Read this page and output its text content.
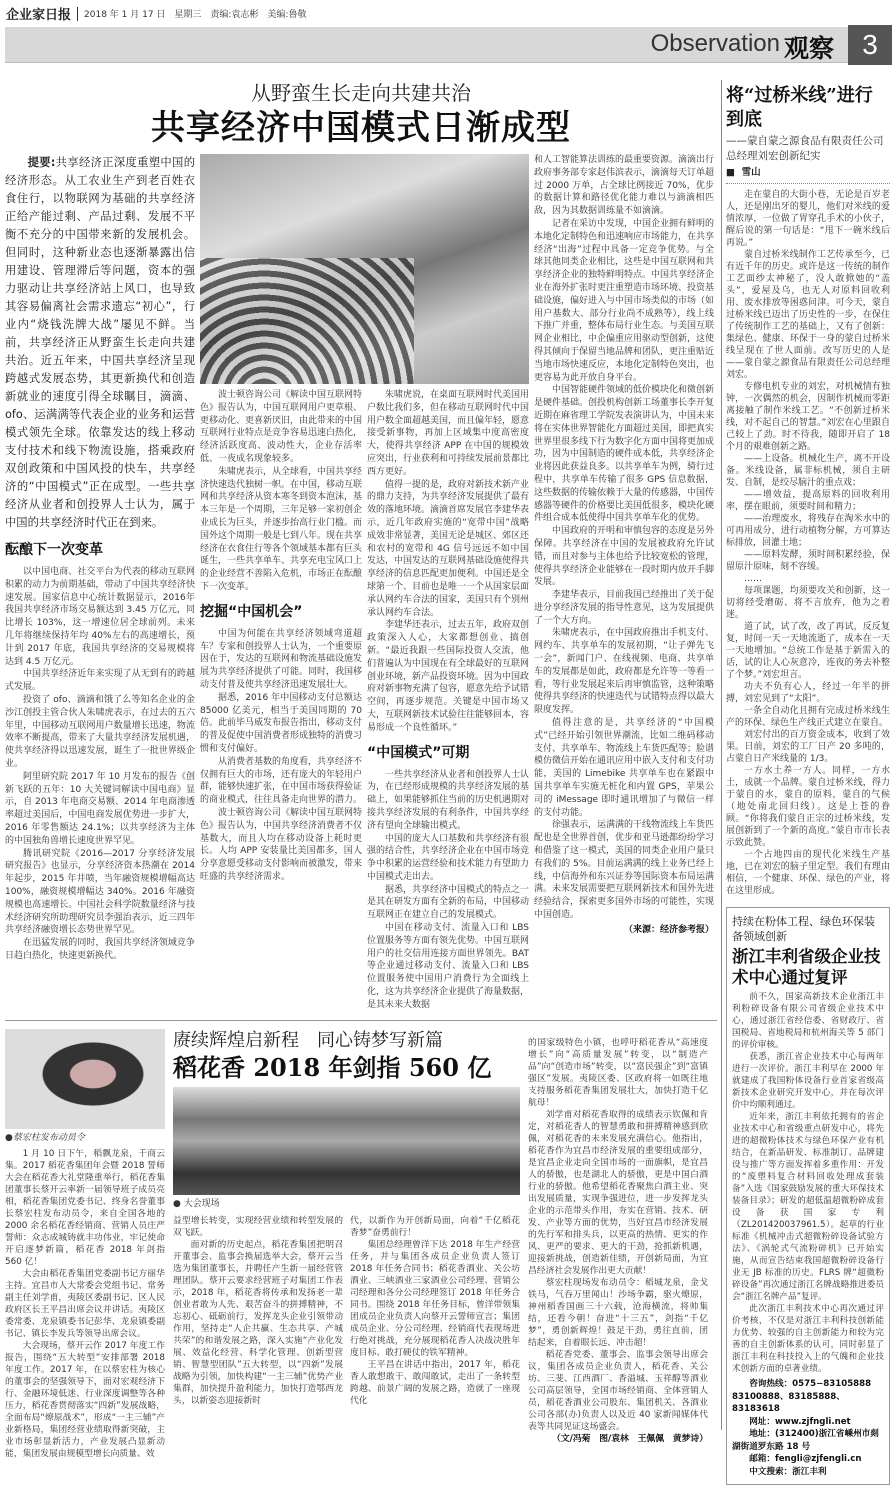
企业家日报 2018 年 1 月 17 日　星期三　责编:袁志彬　美编:鲁敬
Observation 观察	3
从野蛮生长走向共建共治
共享经济中国模式日渐成型

提要:共享经济正深度重塑中国的经济形态。从工农业生产到老百姓衣食住行，以物联网为基础的共享经济正给产能过剩、产品过剩、发展不平衡不充分的中国带来新的发展机会。但同时，这种新业态也逐渐暴露出信用建设、管理滞后等问题，资本的强力驱动让共享经济站上风口，也导致其容易偏离社会需求遗忘“初心”，行业内“烧钱洗牌大战”屡见不鲜。当前，共享经济正从野蛮生长走向共建共治。近五年来，中国共享经济呈现跨越式发展态势，其更新换代和创造新就业的速度引得全球瞩目，滴滴、ofo、运满满等代表企业的业务和运营模式领先全球。依靠发达的线上移动支付技术和线下物流设施，搭乘政府双创政策和中国风投的快车，共享经济的“中国模式”正在成型。一些共享经济从业者和创投界人士认为，属于中国的共享经济时代正在到来。

酝酿下一次变革

以中国电商、社交平台为代表的移动互联网积累的动力为前期基础，带动了中国共享经济快速发展。国家信息中心统计数据显示，2016年我国共享经济市场交易额达到 3.45 万亿元，同比增长 103%，这一增速位居全球前列。未来几年将继续保持年均 40%左右的高速增长，预计到 2017 年底，我国共享经济的交易规模将达到 4.5 万亿元。

中国共享经济近年来实现了从无到有的跨越式发展。

投资了 ofo、滴滴和饿了么等知名企业的金沙江创投主管合伙人朱啸虎表示，在过去的五六年里，中国移动互联网用户数量增长迅速，物流效率不断提高，带来了大量共享经济发展机遇，使共享经济得以迅速发展，诞生了一批世界级企业。

阿里研究院 2017 年 10 月发布的报告《创新飞跃的五年：10 大关键词解读中国电商》显示，自 2013 年电商交易额、2014 年电商渗透率超过美国后，中国电商发展优势进一步扩大，2016 年零售额达 24.1%；以共享经济为主体的中国独角兽增长速度世界罕见。

腾讯研究院《2016—2017 分享经济发展研究报告》也显示，分享经济资本热潮在 2014 年起步，2015 年井喷，当年融资规模增幅高达 100%，融资规模增幅达 340%。2016 年融资规模也高速增长。中国社会科学院数量经济与技术经济研究所助理研究员李强治表示，近三四年共享经济融资增长态势世界罕见。

在迅猛发展的同时，我国共享经济领域竞争日趋白热化，快速更新换代。

波士顿咨询公司《解读中国互联网特色》报告认为，中国互联网用户更草根、更移动化、更喜新厌旧，由此带来的中国互联网行业特点是竞争容易迅速白热化，经济活跃度高、波动性大，企业存活率低、一夜成名现象较多。

朱啸虎表示，从全球看，中国共享经济快速迭代独树一帜。在中国，移动互联网和共享经济从资本寒冬到资本泡沫，基本三年是一个周期，三年足够一家初创企业成长为巨头，并逐步抬高行业门槛。而国外这个周期一般是七到八年。现在共享经济在衣食住行等各个领域基本都有巨头诞生，一些共享单车、共享充电宝风口上的企业经营不善陷入危机，市场正在酝酿下一次变革。

挖掘“中国机会”

中国为何能在共享经济领域弯道超车？专家和创投界人士认为，一个重要原因在于，发达的互联网和物流基础设施发展为共享经济提供了可能。同时，我国移动支付普及使共享经济迅速发展壮大。

据悉，2016 年中国移动支付总额达 85000 亿美元，相当于美国同期的 70 倍。此前毕马威发布报告指出，移动支付的普及促使中国消费者形成独特的消费习惯和支付偏好。

从消费者基数的角度看，共享经济不仅拥有巨大的市场，还有庞大的年轻用户群，能够快速扩张，在中国市场获得验证的商业模式，往往具备走向世界的潜力。

波士顿咨询公司《解读中国互联网特色》报告认为，中国共享经济消费者不仅基数大，而且人均在移动设备上耗时更长。人均 APP 安装量比美国都多，国人分享意愿受移动支付影响而被激发，带来旺盛的共享经济需求。

朱啸虎说，在桌面互联网时代美国用户数比我们多，但在移动互联网时代中国用户数全面超越美国，而且偏年轻，愿意接受新事物，再加上区域集中度高密度大，使得共享经济 APP 在中国的规模效应突出，行业获利和可持续发展前景都比西方更好。

值得一提的是，政府对新技术新产业的鼎力支持，为共享经济发展提供了最有效的落地环境。滴滴首席发展官李建华表示，近几年政府实施的“宽带中国”战略成效非常显著，美国无论是城区、郊区还和农村的宽带和 4G 信号远远不如中国发达，中国发达的互联网基础设施使得共享经济的信息匹配更加便利。中国还是全球第一个、目前也是唯一一个从国家层面承认网约车合法的国家，美国只有个别州承认网约车合法。

李建华还表示，过去五年，政府双创政策深入人心，大家都想创业、搞创新。“最近我跟一些国际投资人交流，他们普遍认为中国现在有全球最好的互联网创业环境，新产品投资环境。因为中国政府对新事物充满了包容，愿意先给予试错空间，再逐步规范。关键是中国市场又大，互联网新技术试验往往能够回本，容易形成一个良性循环。”

“中国模式”可期

一些共享经济从业者和创投界人士认为，在已经形成规模的共享经济发展的基础上，如果能够抓住当前的历史机遇期对接共享经济发展的有利条件，中国共享经济有望向全球输出模式。

中国的庞大人口基数和共享经济有很强的结合性，共享经济企业在中国市场竞争中积累的运营经验和技术能力有望助力中国模式走出去。

据悉，共享经济中国模式的特点之一是其在研发方面有全新的布局，中国移动互联网正在建立自己的发展模式。

中国在移动支付、流量入口和 LBS 位置服务等方面有领先优势。中国互联网用户的社交信用连接方面世界领先。BAT 等企业通过移动支付、流量入口和 LBS 位置服务使中国用户消费行为全面线上化，这为共享经济企业提供了海量数据，是其未来大数据

和人工智能算法训练的最重要资源。滴滴出行政府事务部专家赵伟滨表示，滴滴每天订单超过 2000 万单，占全球比例接近 70%，优步的数据计算和路径优化能力难以与滴滴相匹敌，因为其数据训练量不如滴滴。

记者在采访中发现，中国企业拥有鲜明的本地化定制特色和迅速响应市场能力，在共享经济“出海”过程中具备一定竞争优势。与全球其他同类企业相比，这些是中国互联网和共享经济企业的独特鲜明特点。中国共享经济企业在海外扩张时更注重塑造市场环境、投资基础设施，偏好进入与中国市场类似的市场（如用户基数大、部分行业尚不成熟等），线上线下推广并重，整体布局行业生态。与美国互联网企业相比，中企偏重应用驱动型创新，这使得其倾向于保留当地品牌和团队，更注重贴近当地市场快速反应，本地化定制特色突出，也更容易为此开放自身平台。

中国智能硬件领域的低价模块化和微创新是硬件基础。创投机构创新工场董事长李开复近期在麻省理工学院发表演讲认为，中国未来将在实体世界智能化方面超过美国，即把真实世界里很多线下行为数字化方面中国将更加成功，因为中国制造的硬件成本低，共享经济企业将因此获益良多。以共享单车为例，骑行过程中，共享单车传输了很多 GPS 信息数据，这些数据的传输依赖于大量的传感器，中国传感器等硬件的价格要比美国低很多，模块化硬件组合成本低使得中国共享单车化的优势。

中国政府的开明和审慎包容的态度是另外保障。共享经济在中国的发展被政府允许试错，而且对参与主体也给予比较宽松的管理，使得共享经济企业能够在一段时期内放开手脚发展。

李建华表示，目前我国已经推出了关于促进分享经济发展的指导性意见，这为发展提供了一个大方向。

朱啸虎表示，在中国政府推出手机支付、网约车、共享单车的发展初期，“让子弹先飞一会”，新闻门户、在线视频、电商、共享单车的发展都是如此，政府都是允许等一等看一看，等行业发展起来后再审慎监管，这种策略使得共享经济的快速迭代与试错特点得以最大限度发挥。

值得注意的是，共享经济的“中国模式”已经开始引领世界潮流，比如二维码移动支付、共享单车、物流线上车货匹配等；脸谱模仿微信开始在通讯应用中嵌入支付和支付功能，美国的 Limebike 共享单车也在紧跟中国共享单车实施无桩化和内置 GPS，苹果公司的 iMessage 即时通讯增加了与微信一样的支付功能。

徐强表示，运满满的干线物流线上车货匹配也是全世界首创，优步和亚马逊都纷纷学习和借鉴了这一模式，美国的同类企业用户量只有我们的 5%。目前运满满的线上业务已经上线，中信海外和东兴证券等国际资本布局运满满。未来发展需要把互联网新技术和国外先进经验结合，探索更多国外市场的可能性，实现中国创造。

（来源：经济参考报）
●蔡宏柱发布动员令

1 月 10 日下午，稻飘龙泉，千商云集。2017 稻花香集团年会暨 2018 誓师大会在稻花香大礼堂隆重举行，稻花香集团董事长蔡开云率新一届领导班子成员亮相，稻花香集团党委书记、终身名誉董事长蔡宏柱发布动员令，来自全国各地的 2000 余名稻花香经销商、营销人员庄严誓师：众志成城铸就丰功伟业，牢记使命开启逐梦新篇，稻花香 2018 年剑指 560 亿！

大会由稻花香集团党委副书记方丽华主持。宜昌市人大常委会党组书记、常务副主任刘学甫，夷陵区委副书记、区人民政府区长王平昌出席会议并讲话。夷陵区委常委、龙泉镇委书记彭华、龙泉镇委副书记、镇长李发兵等领导出席会议。

大会现场，蔡开云作 2017 年度工作报告，围绕“五大转型”安排部署 2018 年度工作。2017 年，在以蔡宏柱为核心的董事会的坚强领导下，面对宏观经济下行、金融环境低迷、行业深度调整等各种压力，稻花香贯彻落实“四新”发展战略，全面布局“燎原战术”，形成“一主三辅”产业新格局，集团经营业绩取得新突破，主业市场彰显新活力，产业发展凸显新动能，集团发展由规模型增长向质量、效

赓续辉煌启新程　同心铸梦写新篇
稻花香 2018 年剑指 560 亿
● 大会现场

益型增长转变，实现经营业绩和转型发展的双飞跃。

面对新的历史起点，稻花香集团把明召开董事会、监事会换届选举大会，蔡开云当选为集团董事长，并聘任产生新一届经营管理团队。蔡开云要求经营班子对集团工作表示，2018 年，稻花香将传承和发扬老一辈创业者敢为人先、艰苦奋斗的拼搏精神，不忘初心、砥砺前行，发挥龙头企业引领带动作用，坚持走“人企共赢、生态共享、产城共荣”的和谐发展之路，深入实施“产业化发展、效益化经营、科学化管理、创新型营销、智慧型团队”五大转型，以“四新”发展战略为引领，加快构建“一主三辅”优势产业集群，加快提升盈利能力，加快打造鄂西龙头，以新姿态迎接新时

代，以新作为开创新局面，向着“千亿稻花香梦”奋勇前行！

集团总经理曾洋下达 2018 年生产经营任务，并与集团各成员企业负责人签订 2018 年任务合同书；稻花香酒业、关公坊酒业、三峡酒业三家酒业公司经理、营销公司经理和各分公司经理签订 2018 年任务合同书。围绕 2018 年任务目标，曾洋带领集团成员企业负责人向蔡开云誓师宣言；集团成员企业、分公司经理、经销商代表现场进行绝对挑战，充分展现稻花香人决战决胜年度目标、敢打硬仗的铁军精神。

王平昌在讲话中指出，2017 年，稻花香人敢想敢干、敢闯敢试，走出了一条转型跨越、前景广阔的发展之路，造就了一座现代化

的国家级特色小镇，也呼吁稻花香从“高速度增长”向“高质量发展”转变，以“制造产品”向“创造市场”转变，以“富民强企”到“富镇强区”发展。夷陵区委、区政府将一如既往地支持服务稻花香集团发展壮大，加快打造千亿航母！

刘学甫对稻花香取得的成绩表示钦佩和肯定，对稻花香人的智慧勇敢和拼搏精神感到欣佩，对稻花香的未来发展充满信心。他指出，稻花香作为宜昌市经济发展的重要组成部分，是宜昌企业走向全国市场的一面旗帜，是宜昌人的骄傲，也是湖北人的骄傲，更是中国白酒行业的骄傲。他希望稻花香聚焦白酒主业、突出发展质量，实现争强进位，进一步发挥龙头企业的示范带头作用，夯实在营销、技术、研发、产业等方面的优势，当好宜昌市经济发展的先行军和排头兵，以更高的热情、更实的作风、更严的要求、更大的干劲，抢抓新机遇，迎接新挑战，创造新佳绩，开创新局面，为宜昌经济社会发展作出更大贡献！

蔡宏柱现场发布动员令：稻城龙泉，金戈铁马，气吞万里闻山！沙场争霸，驱火燎原，神州稻香国画三十六载，沧海横流，将帅集结，还看今朝！奋进“十三五”，剑指“千亿梦”，勇创新辉煌！鼓足干劲，勇往直前，团结起来，自着眼长远、冲击超！

稻花香党委、董事会、监事会领导出席会议，集团各成员企业负责人，稻花香、关公坊、三斐、江西酒厂、香溢城、玉祥醇等酒业公司高层领导，全国市场经销商、全体营销人员，稻花香酒业公司股东、集团机关、各酒业公司各部(办)负责人以及近 40 家新闻媒体代表等共同见证这场盛会。

（文/冯菊　图/袁林　王佩佩　黄梦诗）
将“过桥米线”进行到底
——蒙自蒙之源食品有限责任公司总经理刘宏创新纪实
■ 雪山

走在蒙自的大街小巷，无论是百岁老人，还是刚出牙的婴儿，他们对米线的爱情浓厚，一位做了胃穿孔手术的小伙子，醒后说的第一句话是：“甩下一碗米线后再说。”

蒙自过桥米线制作工艺传承至今，已有近千年的历史。或许是这一传统的制作工艺面纱太神秘了，没人敢掀她的“盖头”，爱屋及乌，也无人对原料回收利用、废水排放等困惑问津。可今天，蒙自过桥米线已迈出了历史性的一步，在保住了传统制作工艺的基础上，又有了创新：集绿色、健康、环保于一身的蒙自过桥米线呈现在了世人面前。改写历史的人是——蒙自蒙之源食品有限责任公司总经理刘宏。

专修电机专业的刘宏，对机械情有独钟，一次偶然的机会，因制作机械而零距离接触了制作米线工艺。“不创新过桥米线，对不起自己的智慧。”刘宏在心里跟自己较上了劲。时不待我，随即开启了 18 个月的艰难创新之路。

——上设备。机械化生产，离不开设备。米线设备，属非标机械，须自主研发、自制，是绞尽脑汁的重点戏；

——增效益，提高原料的回收利用率，摆在眼前，须要时间和精力；

——治理废水，将残存在淘米水中的可再用成分，进行动植物分解，方可算达标排放，回灌土地；

——原料发酵，须时间积累经验，保留原汁原味，刻不容缓。

……

每项课题，均须要攻关和创新，这一切将经受磨砺、将不言放弃，他为之着迷。

道了试，试了改，改了再试，反反复复，时间一天一天地流逝了，成本在一天一天地增加。“总统工作是基于新需入的话，试的让人心灰意冷，连夜的务去补整了个梦。”刘宏坦言。

功夫不负有心人，经过一年半的拼搏，刘宏见到了“太阳”。

一条全自动化且拥有完成过桥米线生产的环保、绿色生产线正式建立在蒙自。

刘宏付出的百万资金成本，收到了效果。日前，刘宏的工厂日产 20 多吨的，占蒙自日产米线量的 1/3。

一方水土养一方人。同样，一方水土，成就一个品牌。蒙自过桥米线，得力于蒙自的水，蒙自的原料，蒙自的气候（地处南北回归线）。这是上苍的眷顾。“你将我们蒙自正宗的过桥米线，发展创新到了一个新的高度。”蒙自市市长表示致此赞。

一个占地四亩的现代化米线生产基地，已在刘宏的脑子里定型。我们有理由相信，一个健康、环保、绿色的产业，将在这里形成。

持续在粉体工程、绿色环保装备领域创新
浙江丰利省级企业技术中心通过复评

前不久，国家高新技术企业浙江丰利粉碎设备有限公司省级企业技术中心，通过浙江省经信委、省财政厅、省国税局、省地税局和杭州海关等 5 部门的评价审核。

获悉，浙江省企业技术中心每两年进行一次评价。浙江丰利早在 2000 年就建成了我国粉体设备行业首家省级高新技术企业研究开发中心，并在每次评价中均顺利通过。

近年来，浙江丰利依托拥有的省企业技术中心和省级重点研发中心，将先进的超微粉体技术与绿色环保产业有机结合，在新品研发、标准制订、品牌建设与推广等方面发挥着多重作用：开发的“废塑料复合材料回收处理成套装备”入选《国家鼓励发展的重大环保技术装备目录》；研发的超低温超微粉碎成套设备获国家专利（ZL201420037961.5）。起草的行业标准《机械冲击式超微粉碎设备试验方法》、《涡轮式气流粉碎机》已开始实施，从而宣告结束我国超微粉碎设备行业无 JB 标准的历史。FLRS 牌“超微粉碎设备”再次通过浙江名牌战略推进委员会“浙江名牌产品”复评。

此次浙江丰利技术中心再次通过评价考核，不仅是对浙江丰利科技创新能力优势、较强的自主创新能力和较为完善的自主创新体系的认可，同时彰显了浙江丰利在科技投入上的气魄和企业技术创新方面的卓著业绩。

咨询热线：0575−83105888
83100888、83185888、83183618
网址：www.zjfngli.net
地址：(312400)浙江省嵊州市剡湖街道罗东路 18 号
邮箱：fengli@zjfengli.cn
中文搜索：浙江丰利
